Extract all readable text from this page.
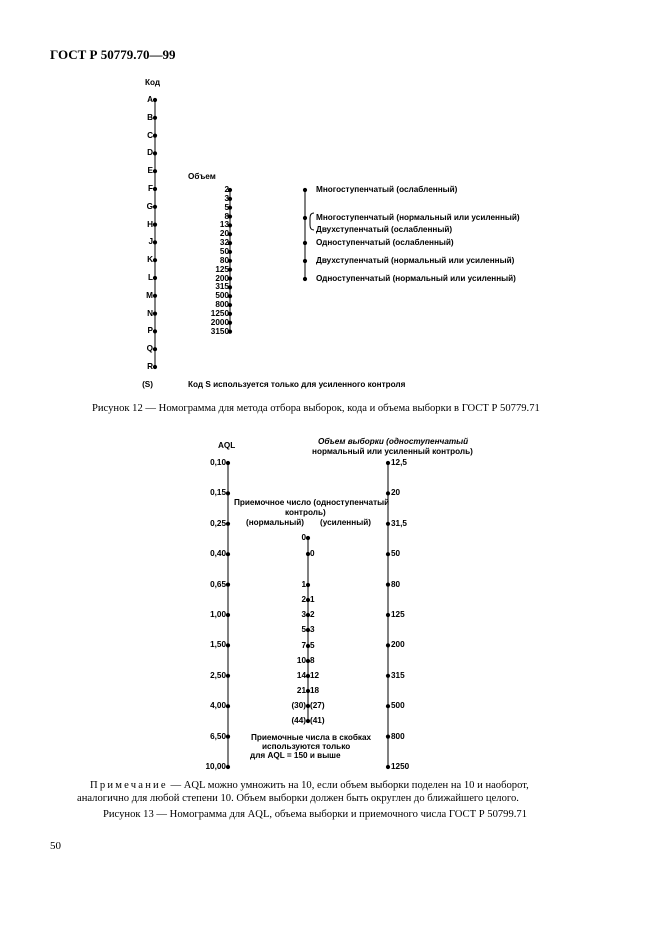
ГОСТ Р 50779.70—99
Код
A
B
C
D
E
F
G
H
J
K
L
M
N
P
Q
R
(S)
2
3
5
8
13
20
32
50
80
125
200
315
500
800
1250
2000
3150
Многоступенчатый (ослабленный)
Многоступенчатый (нормальный или усиленный)
Двухступенчатый (ослабленный)
Одноступенчатый (ослабленный)
Двухступенчатый (нормальный или усиленный)
Одноступенчатый (нормальный или усиленный)
Объем
Код S используется только для усиленного контроля
Рисунок 12 — Номограмма для метода отбора выборок, кода и объема выборки в ГОСТ Р 50779.71
AQL	Объем выборки (одноступенчатый
нормальный или усиленный контроль)
Приемочное число (одноступенчатый
контроль)
(нормальный) (усиленный)
0,10
0,15
0,25
0,40
0,65
1,00
1,50
2,50
4,00
6,50
10,00
12,5
20
31,5
50
80
125
200
315
500
800
1250
0
0
1
2 1
3 2
5 3
7 5
10 8
14 12
21 18
(30) (27)
(44) (41)
Приемочные числа в скобках
используются только
для AQL = 150 и выше
Примечание — AQL можно умножить на 10, если объем выборки поделен на 10 и наоборот,
аналогично для любой степени 10. Объем выборки должен быть округлен до ближайшего целого.
Рисунок 13 — Номограмма для AQL, объема выборки и приемочного числа ГОСТ Р 50799.71
50
